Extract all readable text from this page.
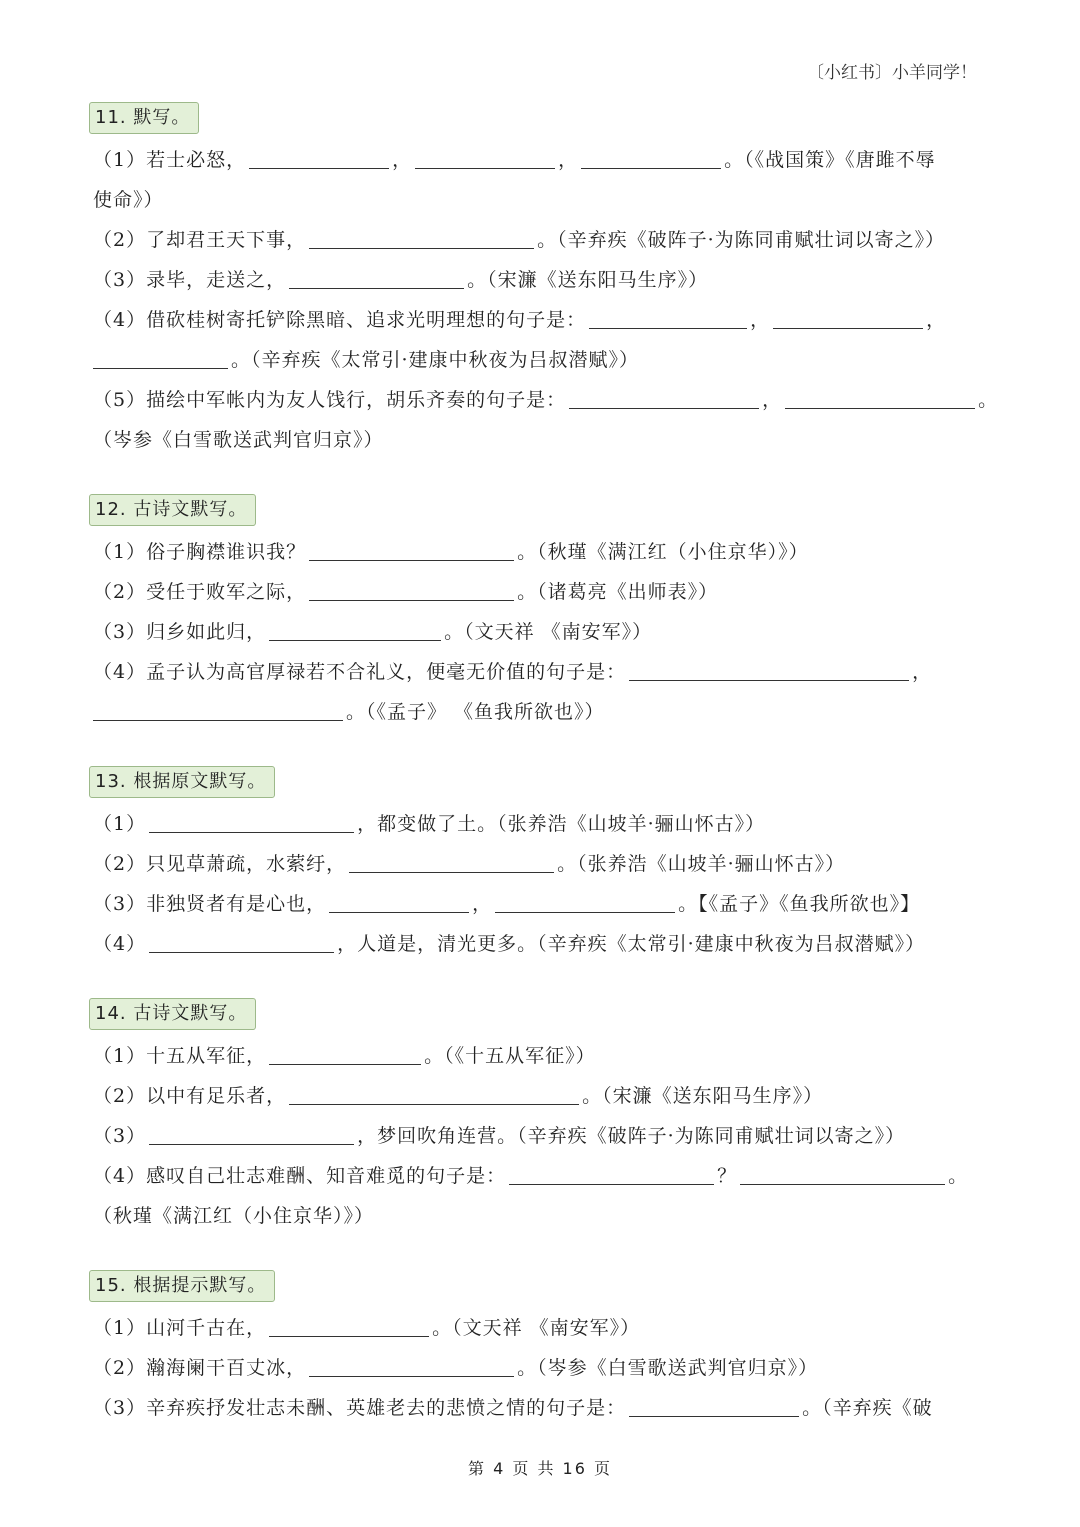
〔小红书〕小羊同学！
11. 默写。
（1）若士必怒，	，	，	。（《战国策》《唐雎不辱
使命》）
（2）了却君王天下事，	。（辛弃疾《破阵子·为陈同甫赋壮词以寄之》）
（3）录毕，走送之，	。（宋濂《送东阳马生序》）
（4）借砍桂树寄托铲除黑暗、追求光明理想的句子是：	，	，
。（辛弃疾《太常引·建康中秋夜为吕叔潜赋》）
（5）描绘中军帐内为友人饯行，胡乐齐奏的句子是：	，	。
（岑参《白雪歌送武判官归京》）
12. 古诗文默写。
（1）俗子胸襟谁识我？	。（秋瑾《满江红（小住京华）》）
（2）受任于败军之际，	。（诸葛亮《出师表》）
（3）归乡如此归，	。（文天祥 《南安军》）
（4）孟子认为高官厚禄若不合礼义，便毫无价值的句子是：	，
。（《孟子》 《鱼我所欲也》）
13. 根据原文默写。
（1）	，都变做了土。（张养浩《山坡羊·骊山怀古》）
（2）只见草萧疏，水萦纡，	。（张养浩《山坡羊·骊山怀古》）
（3）非独贤者有是心也，	，	。【《孟子》《鱼我所欲也》】
（4）	，人道是，清光更多。（辛弃疾《太常引·建康中秋夜为吕叔潜赋》）
14. 古诗文默写。
（1）十五从军征，	。（《十五从军征》）
（2）以中有足乐者，	。（宋濂《送东阳马生序》）
（3）	，梦回吹角连营。（辛弃疾《破阵子·为陈同甫赋壮词以寄之》）
（4）感叹自己壮志难酬、知音难觅的句子是：	？	。
（秋瑾《满江红（小住京华）》）
15. 根据提示默写。
（1）山河千古在，	。（文天祥 《南安军》）
（2）瀚海阑干百丈冰，	。（岑参《白雪歌送武判官归京》）
（3）辛弃疾抒发壮志未酬、英雄老去的悲愤之情的句子是：	。（辛弃疾《破
第 4 页 共 16 页
